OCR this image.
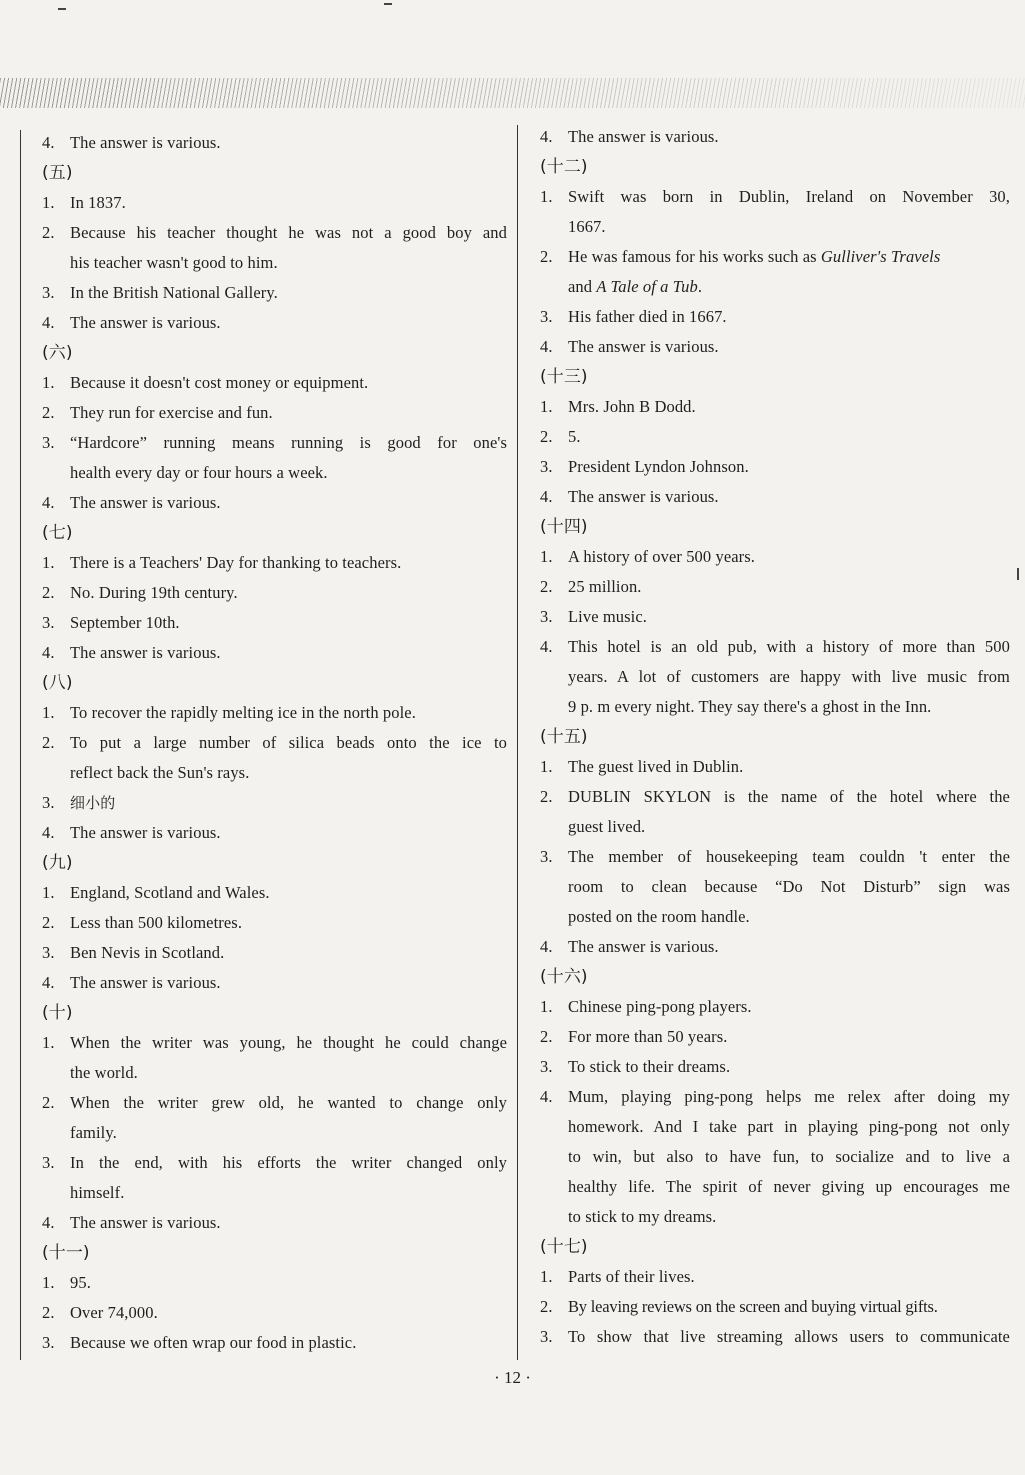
4. The answer is various.
(五)
1. In 1837.
2. Because his teacher thought he was not a good boy and
his teacher wasn't good to him.
3. In the British National Gallery.
4. The answer is various.
(六)
1. Because it doesn't cost money or equipment.
2. They run for exercise and fun.
3. “Hardcore” running means running is good for one's
health every day or four hours a week.
4. The answer is various.
(七)
1. There is a Teachers' Day for thanking to teachers.
2. No. During 19th century.
3. September 10th.
4. The answer is various.
(八)
1. To recover the rapidly melting ice in the north pole.
2. To put a large number of silica beads onto the ice to
reflect back the Sun's rays.
3.	细小的
4. The answer is various.
(九)
1. England, Scotland and Wales.
2. Less than 500 kilometres.
3. Ben Nevis in Scotland.
4. The answer is various.
(十)
1. When the writer was young, he thought he could change
the world.
2. When the writer grew old, he wanted to change only
family.
3. In the end, with his efforts the writer changed only
himself.
4. The answer is various.
(十一)
1. 95.
2. Over 74,000.
3. Because we often wrap our food in plastic.
4. The answer is various.
(十二)
1. Swift was born in Dublin, Ireland on November 30,
1667.
2. He was famous for his works such as Gulliver's Travels
and A Tale of a Tub.
3. His father died in 1667.
4. The answer is various.
(十三)
1. Mrs. John B Dodd.
2. 5.
3. President Lyndon Johnson.
4. The answer is various.
(十四)
1. A history of over 500 years.
2. 25 million.
3. Live music.
4. This hotel is an old pub, with a history of more than 500
years. A lot of customers are happy with live music from
9 p. m every night. They say there's a ghost in the Inn.
(十五)
1. The guest lived in Dublin.
2. DUBLIN SKYLON is the name of the hotel where the
guest lived.
3. The member of housekeeping team couldn 't enter the
room to clean because “Do Not Disturb” sign was
posted on the room handle.
4. The answer is various.
(十六)
1. Chinese ping-pong players.
2. For more than 50 years.
3. To stick to their dreams.
4. Mum, playing ping-pong helps me relex after doing my
homework. And I take part in playing ping-pong not only
to win, but also to have fun, to socialize and to live a
healthy life. The spirit of never giving up encourages me
to stick to my dreams.
(十七)
1. Parts of their lives.
2. By leaving reviews on the screen and buying virtual gifts.
3. To show that live streaming allows users to communicate
· 12 ·
